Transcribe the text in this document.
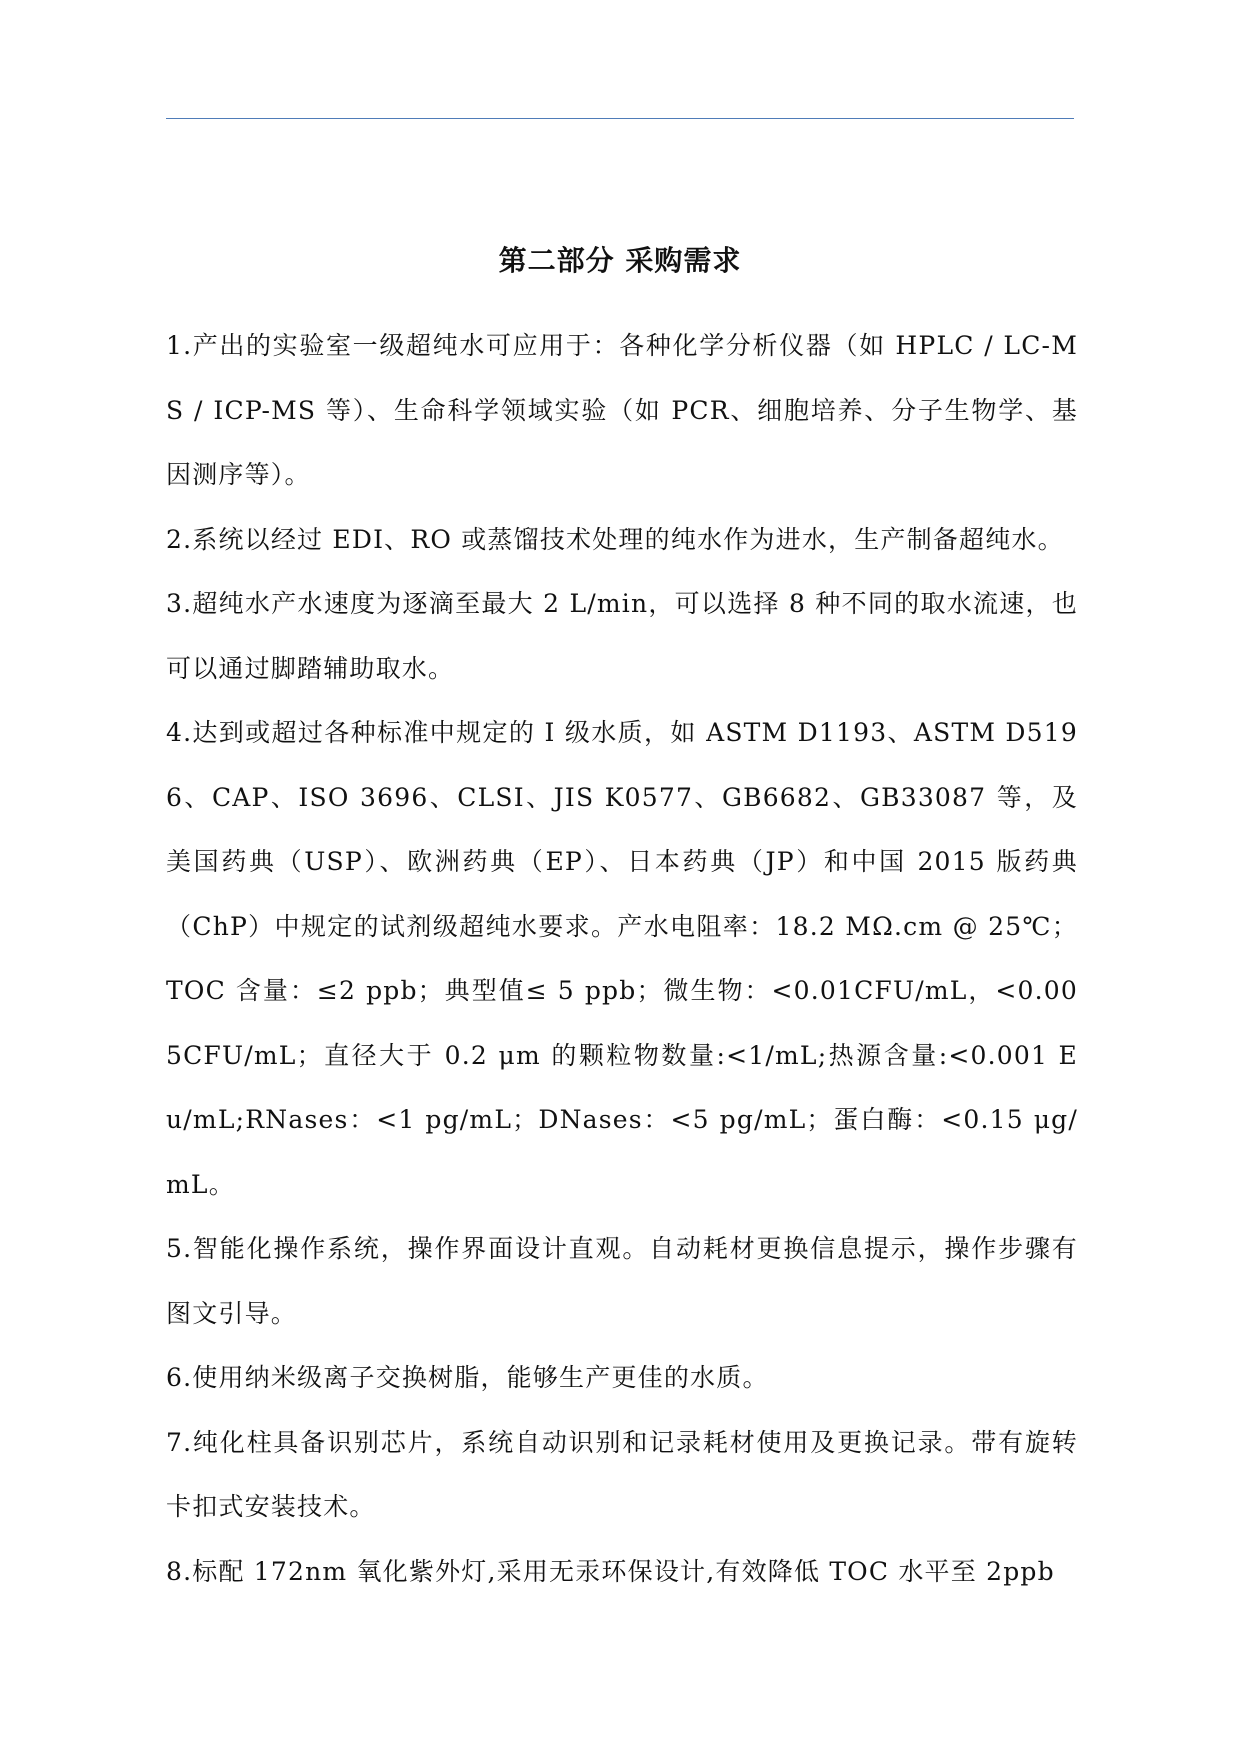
第二部分 采购需求

1.产出的实验室一级超纯水可应用于：各种化学分析仪器（如 HPLC / LC-MS / ICP-MS 等）、生命科学领域实验（如 PCR、细胞培养、分子生物学、基因测序等）。

2.系统以经过 EDI、RO 或蒸馏技术处理的纯水作为进水，生产制备超纯水。

3.超纯水产水速度为逐滴至最大 2 L/min，可以选择 8 种不同的取水流速，也可以通过脚踏辅助取水。

4.达到或超过各种标准中规定的 I 级水质，如 ASTM D1193、ASTM D5196、CAP、ISO 3696、CLSI、JIS K0577、GB6682、GB33087 等，及美国药典（USP）、欧洲药典（EP）、日本药典（JP）和中国 2015 版药典（ChP）中规定的试剂级超纯水要求。产水电阻率：18.2 MΩ.cm @ 25℃；TOC 含量：≤2 ppb；典型值≤ 5 ppb；微生物：<0.01CFU/mL，<0.005CFU/mL；直径大于 0.2 μm 的颗粒物数量:<1/mL;热源含量:<0.001 Eu/mL;RNases：<1 pg/mL；DNases：<5 pg/mL；蛋白酶：<0.15 μg/mL。

5.智能化操作系统，操作界面设计直观。自动耗材更换信息提示，操作步骤有图文引导。

6.使用纳米级离子交换树脂，能够生产更佳的水质。

7.纯化柱具备识别芯片，系统自动识别和记录耗材使用及更换记录。带有旋转卡扣式安装技术。

8.标配 172nm 氧化紫外灯,采用无汞环保设计,有效降低 TOC 水平至 2ppb
